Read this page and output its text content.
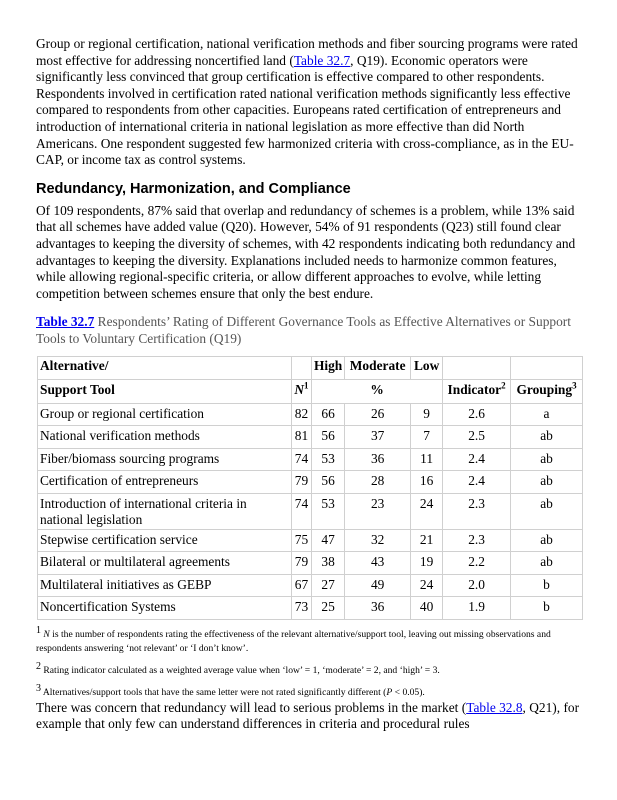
Group or regional certification, national verification methods and fiber sourcing programs were rated most effective for addressing noncertified land (Table 32.7, Q19). Economic operators were significantly less convinced that group certification is effective compared to other respondents. Respondents involved in certification rated national verification methods significantly less effective compared to respondents from other capacities. Europeans rated certification of entrepreneurs and introduction of international criteria in national legislation as more effective than did North Americans. One respondent suggested few harmonized criteria with cross-compliance, as in the EU-CAP, or income tax as control systems.

Redundancy, Harmonization, and Compliance

Of 109 respondents, 87% said that overlap and redundancy of schemes is a problem, while 13% said that all schemes have added value (Q20). However, 54% of 91 respondents (Q23) still found clear advantages to keeping the diversity of schemes, with 42 respondents indicating both redundancy and advantages to keeping the diversity. Explanations included needs to harmonize common features, while allowing regional-specific criteria, or allow different approaches to evolve, while letting competition between schemes ensure that only the best endure.

Table 32.7 Respondents’ Rating of Different Governance Tools as Effective Alternatives or Support Tools to Voluntary Certification (Q19)
Alternative/		High	Moderate	Low		
Support Tool	$N^1$	%			Indicator$^2$	Grouping$^3$
Group or regional certification	82	66	26	9	2.6	a
National verification methods	81	56	37	7	2.5	ab
Fiber/biomass sourcing programs	74	53	36	11	2.4	ab
Certification of entrepreneurs	79	56	28	16	2.4	ab
Introduction of international criteria in national legislation	74	53	23	24	2.3	ab
Stepwise certification service	75	47	32	21	2.3	ab
Bilateral or multilateral agreements	79	38	43	19	2.2	ab
Multilateral initiatives as GEBP	67	27	49	24	2.0	b
Noncertification Systems	73	25	36	40	1.9	b

$^1$ N is the number of respondents rating the effectiveness of the relevant alternative/support tool, leaving out missing observations and respondents answering ‘not relevant’ or ‘I don’t know’.

$^2$ Rating indicator calculated as a weighted average value when ‘low’ = 1, ‘moderate’ = 2, and ‘high’ = 3.

$^3$ Alternatives/support tools that have the same letter were not rated significantly different (P < 0.05).

There was concern that redundancy will lead to serious problems in the market (Table 32.8, Q21), for example that only few can understand differences in criteria and procedural rules
